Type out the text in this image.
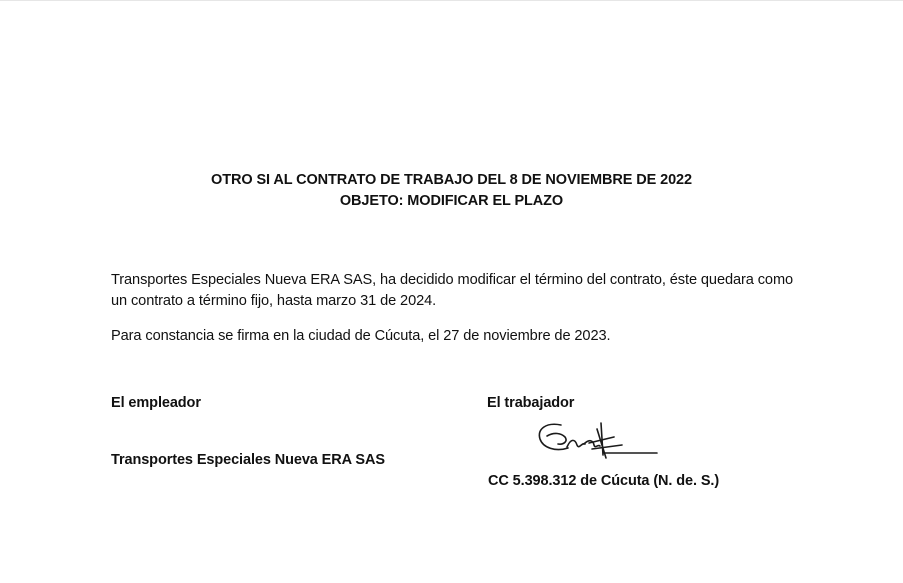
OTRO SI AL CONTRATO DE TRABAJO DEL 8 DE NOVIEMBRE DE 2022
OBJETO: MODIFICAR EL PLAZO
Transportes Especiales Nueva ERA SAS, ha decidido modificar el término del contrato, éste quedara como un contrato a término fijo, hasta marzo 31 de 2024.
Para constancia se firma en la ciudad de Cúcuta, el 27 de noviembre de 2023.
El empleador	El trabajador
Transportes Especiales Nueva ERA SAS
CC 5.398.312 de Cúcuta (N. de. S.)
